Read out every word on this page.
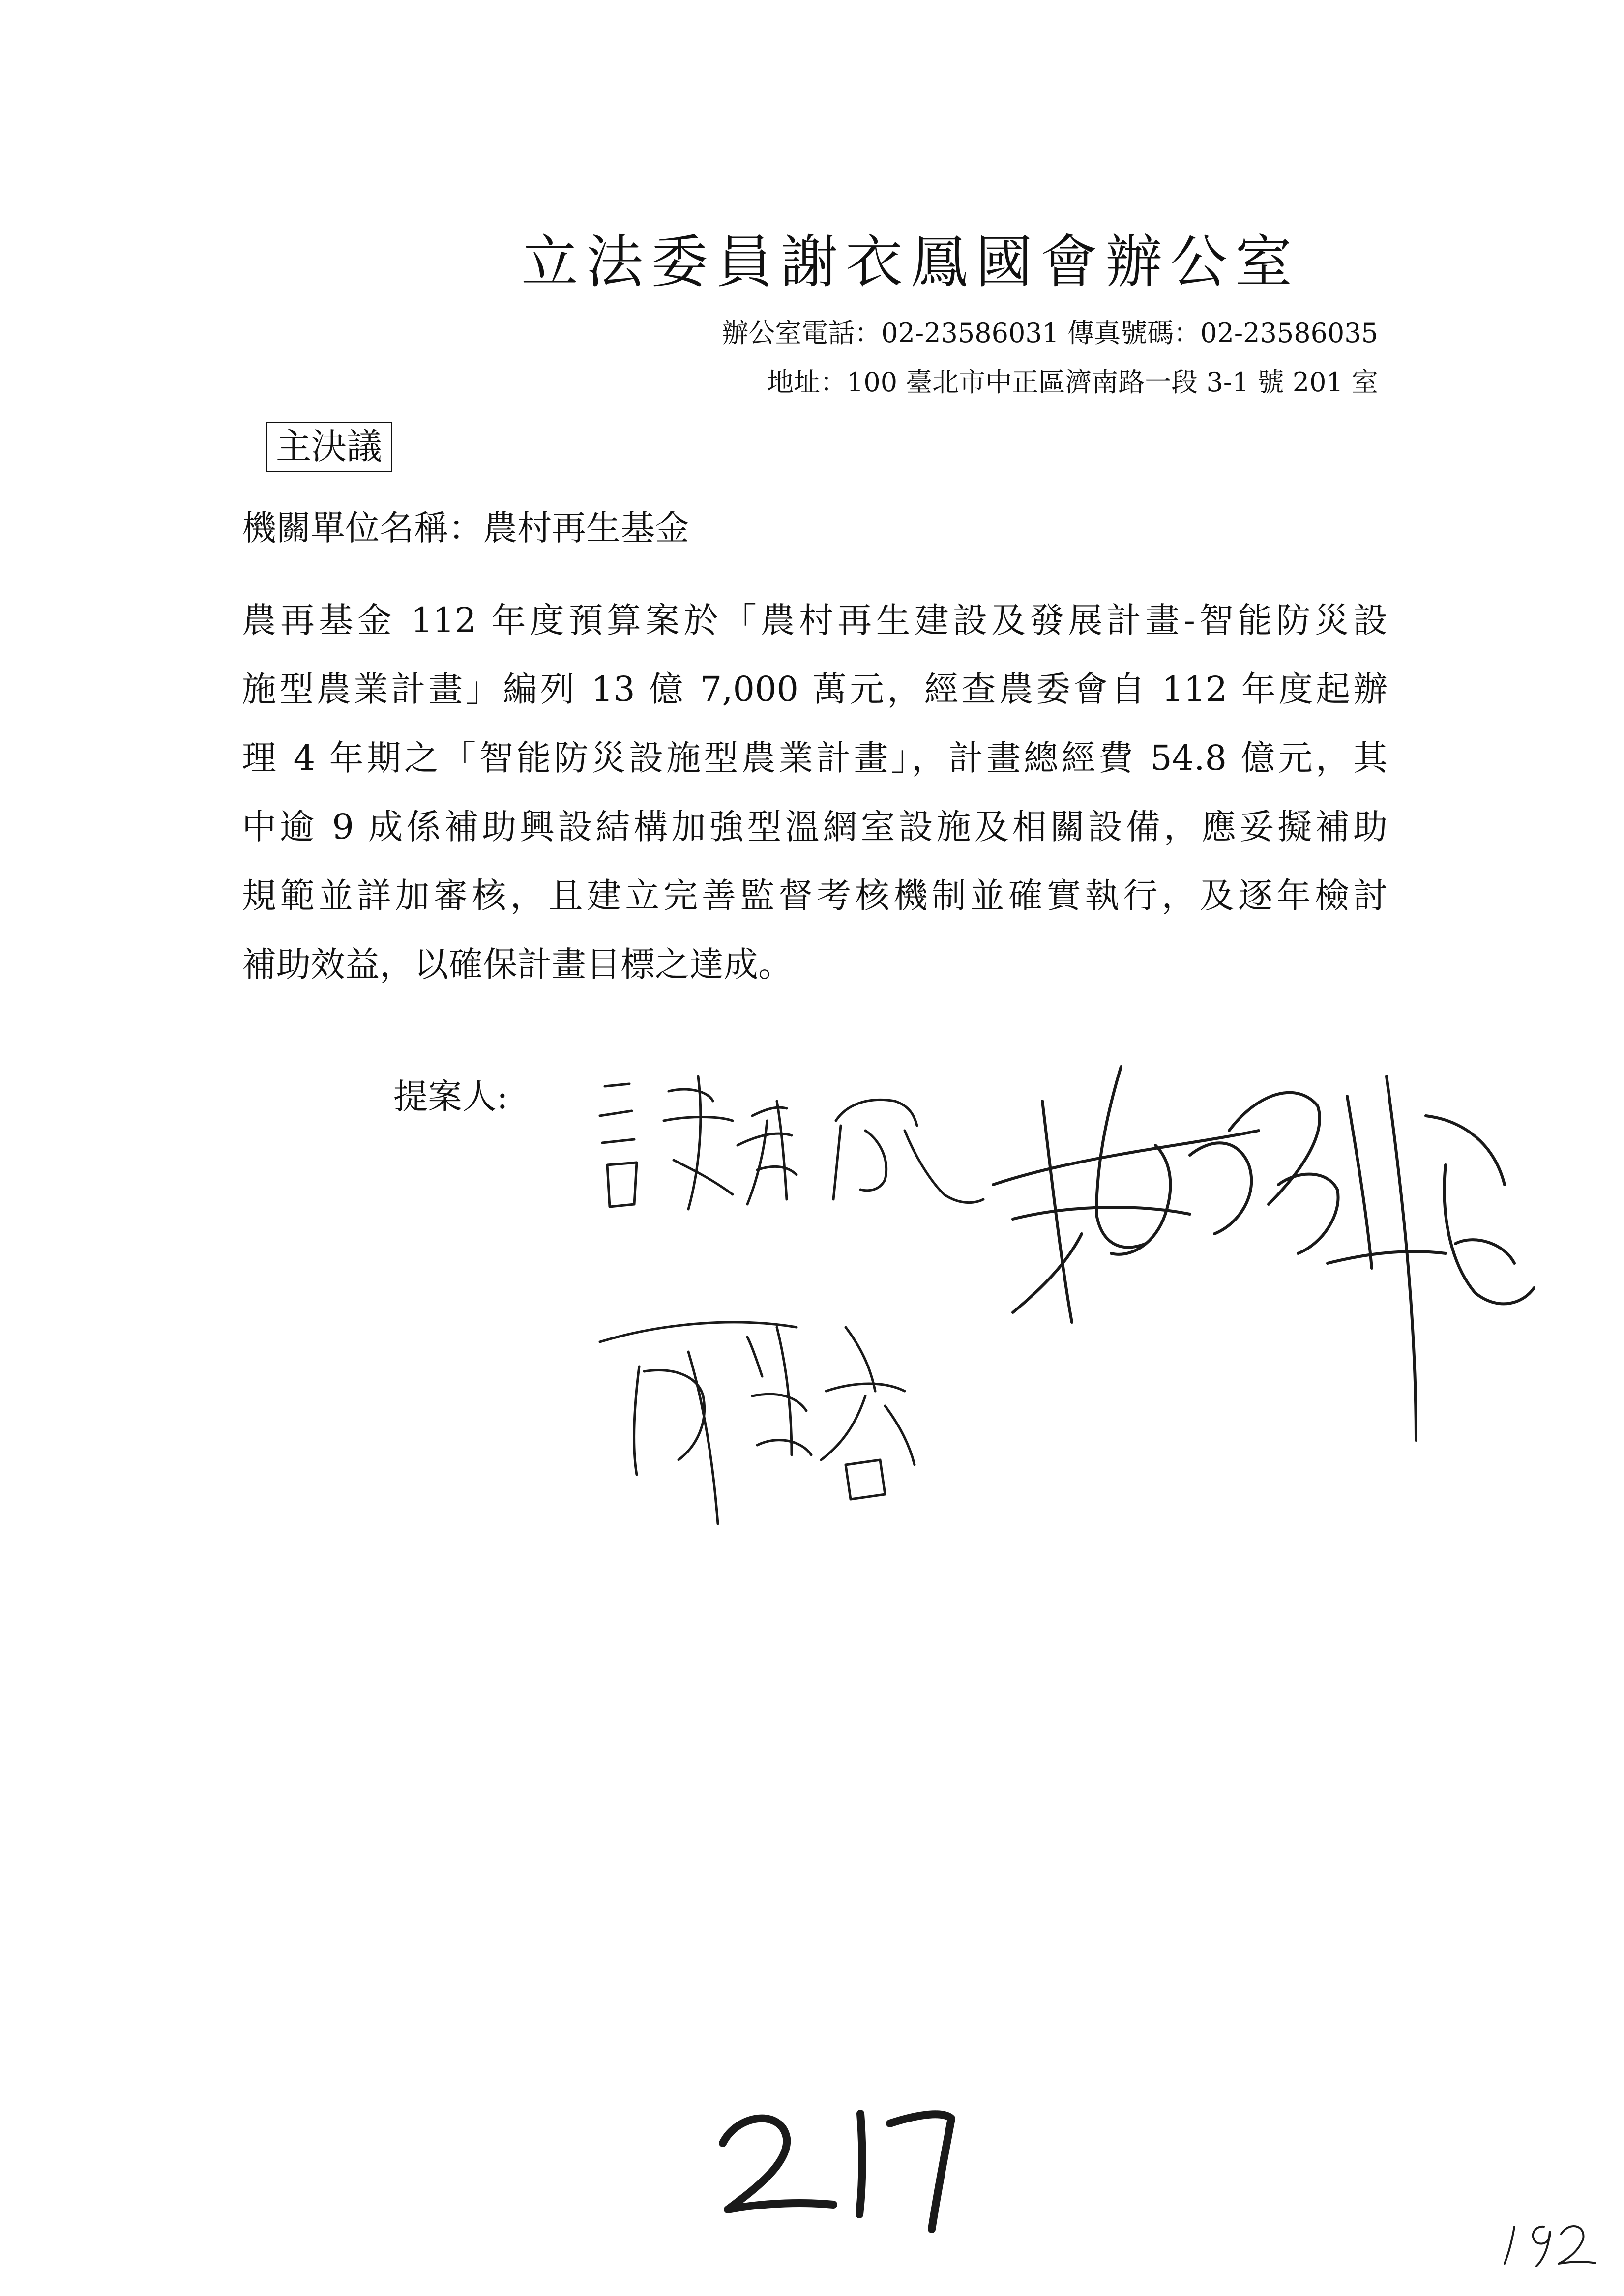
立法委員謝衣鳳國會辦公室
辦公室電話：02-23586031 傳真號碼：02-23586035
地址：100 臺北市中正區濟南路一段 3-1 號 201 室
主決議
機關單位名稱：農村再生基金
農再基金 112 年度預算案於「農村再生建設及發展計畫-智能防災設
施型農業計畫」編列 13 億 7,000 萬元，經查農委會自 112 年度起辦
理 4 年期之「智能防災設施型農業計畫」，計畫總經費 54.8 億元，其
中逾 9 成係補助興設結構加強型溫網室設施及相關設備，應妥擬補助
規範並詳加審核，且建立完善監督考核機制並確實執行，及逐年檢討
補助效益，以確保計畫目標之達成。
提案人:
